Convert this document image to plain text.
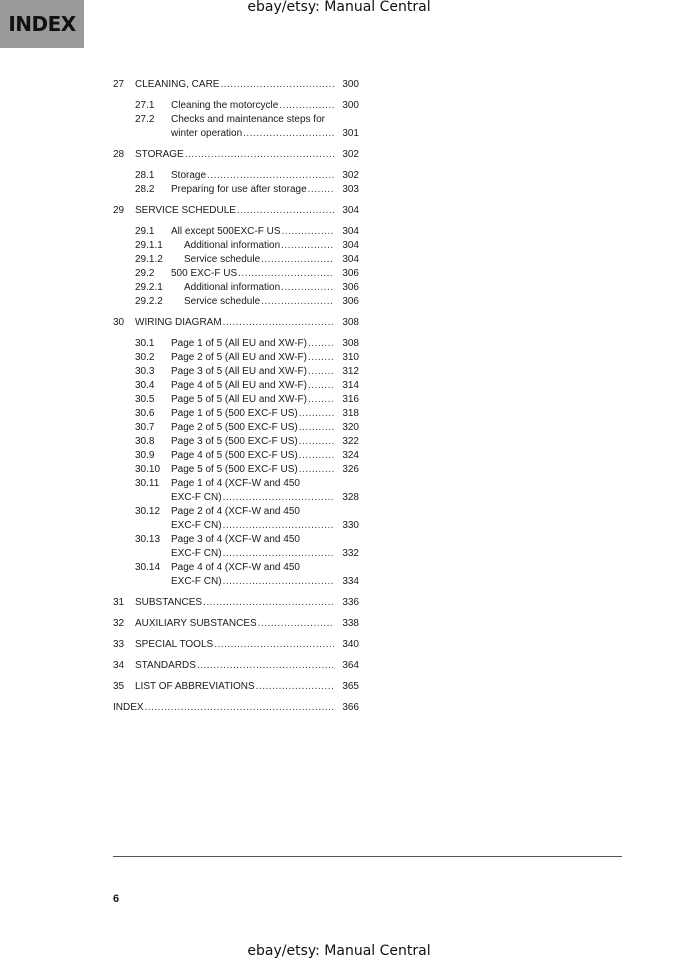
INDEX
ebay/etsy: Manual Central
27 CLEANING, CARE .....	300
27.1 Cleaning the motorcycle .....	300
27.2 Checks and maintenance steps for
winter operation .....	301
28 STORAGE .....	302
28.1 Storage .....	302
28.2 Preparing for use after storage .....	303
29 SERVICE SCHEDULE .....	304
29.1 All except 500EXC-F US .....	304
29.1.1 Additional information .....	304
29.1.2 Service schedule .....	304
29.2 500 EXC-F US .....	306
29.2.1 Additional information .....	306
29.2.2 Service schedule .....	306
30 WIRING DIAGRAM .....	308
30.1 Page 1 of 5 (All EU and XW-F) .....	308
30.2 Page 2 of 5 (All EU and XW-F) .....	310
30.3 Page 3 of 5 (All EU and XW-F) .....	312
30.4 Page 4 of 5 (All EU and XW-F) .....	314
30.5 Page 5 of 5 (All EU and XW-F) .....	316
30.6 Page 1 of 5 (500 EXC-F US) .....	318
30.7 Page 2 of 5 (500 EXC-F US) .....	320
30.8 Page 3 of 5 (500 EXC-F US) .....	322
30.9 Page 4 of 5 (500 EXC-F US) .....	324
30.10 Page 5 of 5 (500 EXC-F US) .....	326
30.11 Page 1 of 4 (XCF-W and 450
EXC-F CN) .....	328
30.12 Page 2 of 4 (XCF-W and 450
EXC-F CN) .....	330
30.13 Page 3 of 4 (XCF-W and 450
EXC-F CN) .....	332
30.14 Page 4 of 4 (XCF-W and 450
EXC-F CN) .....	334
31 SUBSTANCES .....	336
32 AUXILIARY SUBSTANCES .....	338
33 SPECIAL TOOLS .....	340
34 STANDARDS .....	364
35 LIST OF ABBREVIATIONS .....	365
INDEX .....	366
6
ebay/etsy: Manual Central
